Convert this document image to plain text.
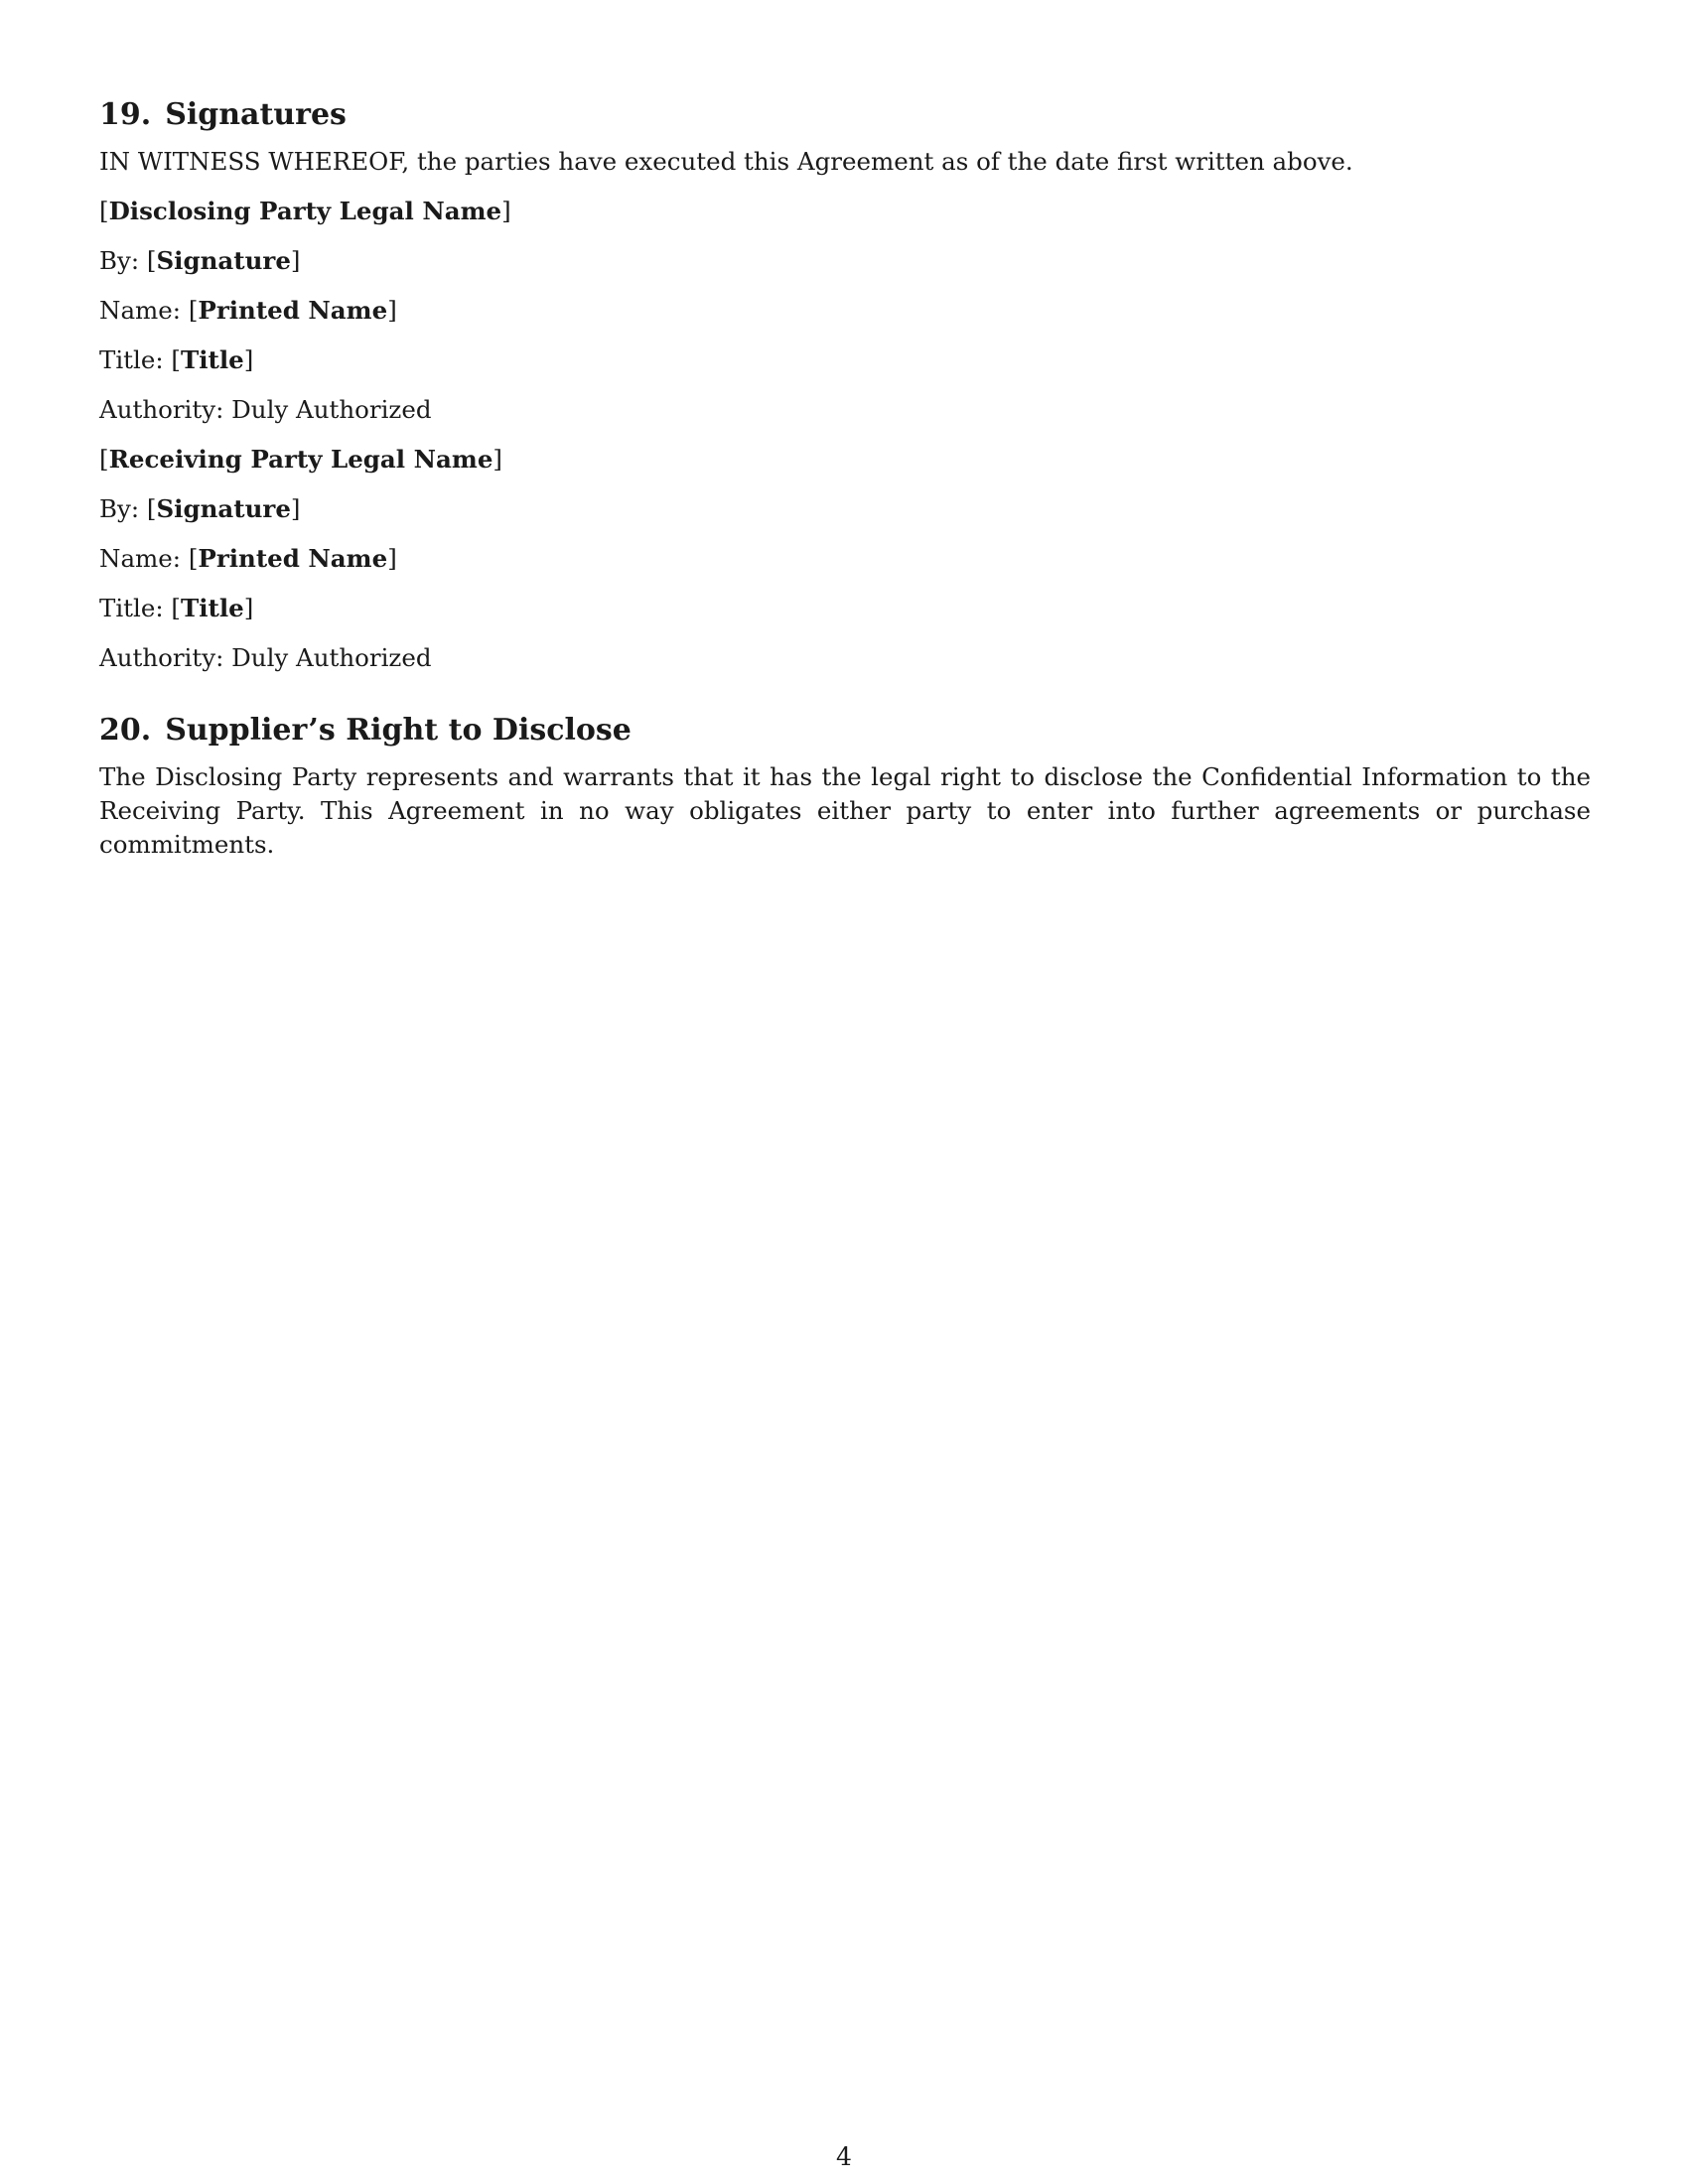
19. Signatures

IN WITNESS WHEREOF, the parties have executed this Agreement as of the date first written above.

[Disclosing Party Legal Name]

By: [Signature]

Name: [Printed Name]

Title: [Title]

Authority: Duly Authorized

[Receiving Party Legal Name]

By: [Signature]

Name: [Printed Name]

Title: [Title]

Authority: Duly Authorized

20. Supplier’s Right to Disclose

The Disclosing Party represents and warrants that it has the legal right to disclose the Confidential Information to the Receiving Party. This Agreement in no way obligates either party to enter into further agreements or purchase commitments.

4
